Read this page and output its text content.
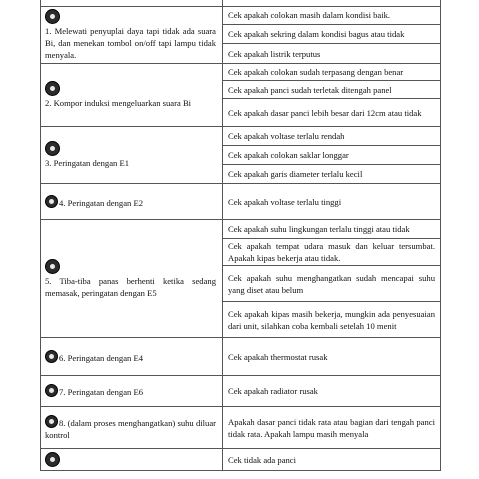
1. Melewati penyuplai daya tapi tidak ada suara Bi, dan menekan tombol on/off tapi lampu tidak menyala.	Cek apakah colokan masih dalam kondisi baik.
	Cek apakah sekring dalam kondisi bagus atau tidak
	Cek apakah listrik terputus

2. Kompor induksi mengeluarkan suara Bi	Cek apakah colokan sudah terpasang dengan benar
	Cek apakah panci sudah terletak ditengah panel
	Cek apakah dasar panci lebih besar dari 12cm atau tidak

3. Peringatan dengan E1	Cek apakah voltase terlalu rendah
	Cek apakah colokan saklar longgar
	Cek apakah garis diameter terlalu kecil
4. Peringatan dengan E2	Cek apakah voltase terlalu tinggi

5. Tiba-tiba panas berhenti ketika sedang memasak, peringatan dengan E5	Cek apakah suhu lingkungan terlalu tinggi atau tidak
	Cek apakah tempat udara masuk dan keluar tersumbat. Apakah kipas bekerja atau tidak.
	Cek apakah suhu menghangatkan sudah mencapai suhu yang diset atau belum
	Cek apakah kipas masih bekerja, mungkin ada penyesuaian dari unit, silahkan coba kembali setelah 10 menit
6. Peringatan dengan E4	Cek apakah thermostat rusak
7. Peringatan dengan E6	Cek apakah radiator rusak
8. (dalam proses menghangatkan) suhu diluar kontrol	Apakah dasar panci tidak rata atau bagian dari tengah panci tidak rata. Apakah lampu masih menyala

	Cek tidak ada panci
